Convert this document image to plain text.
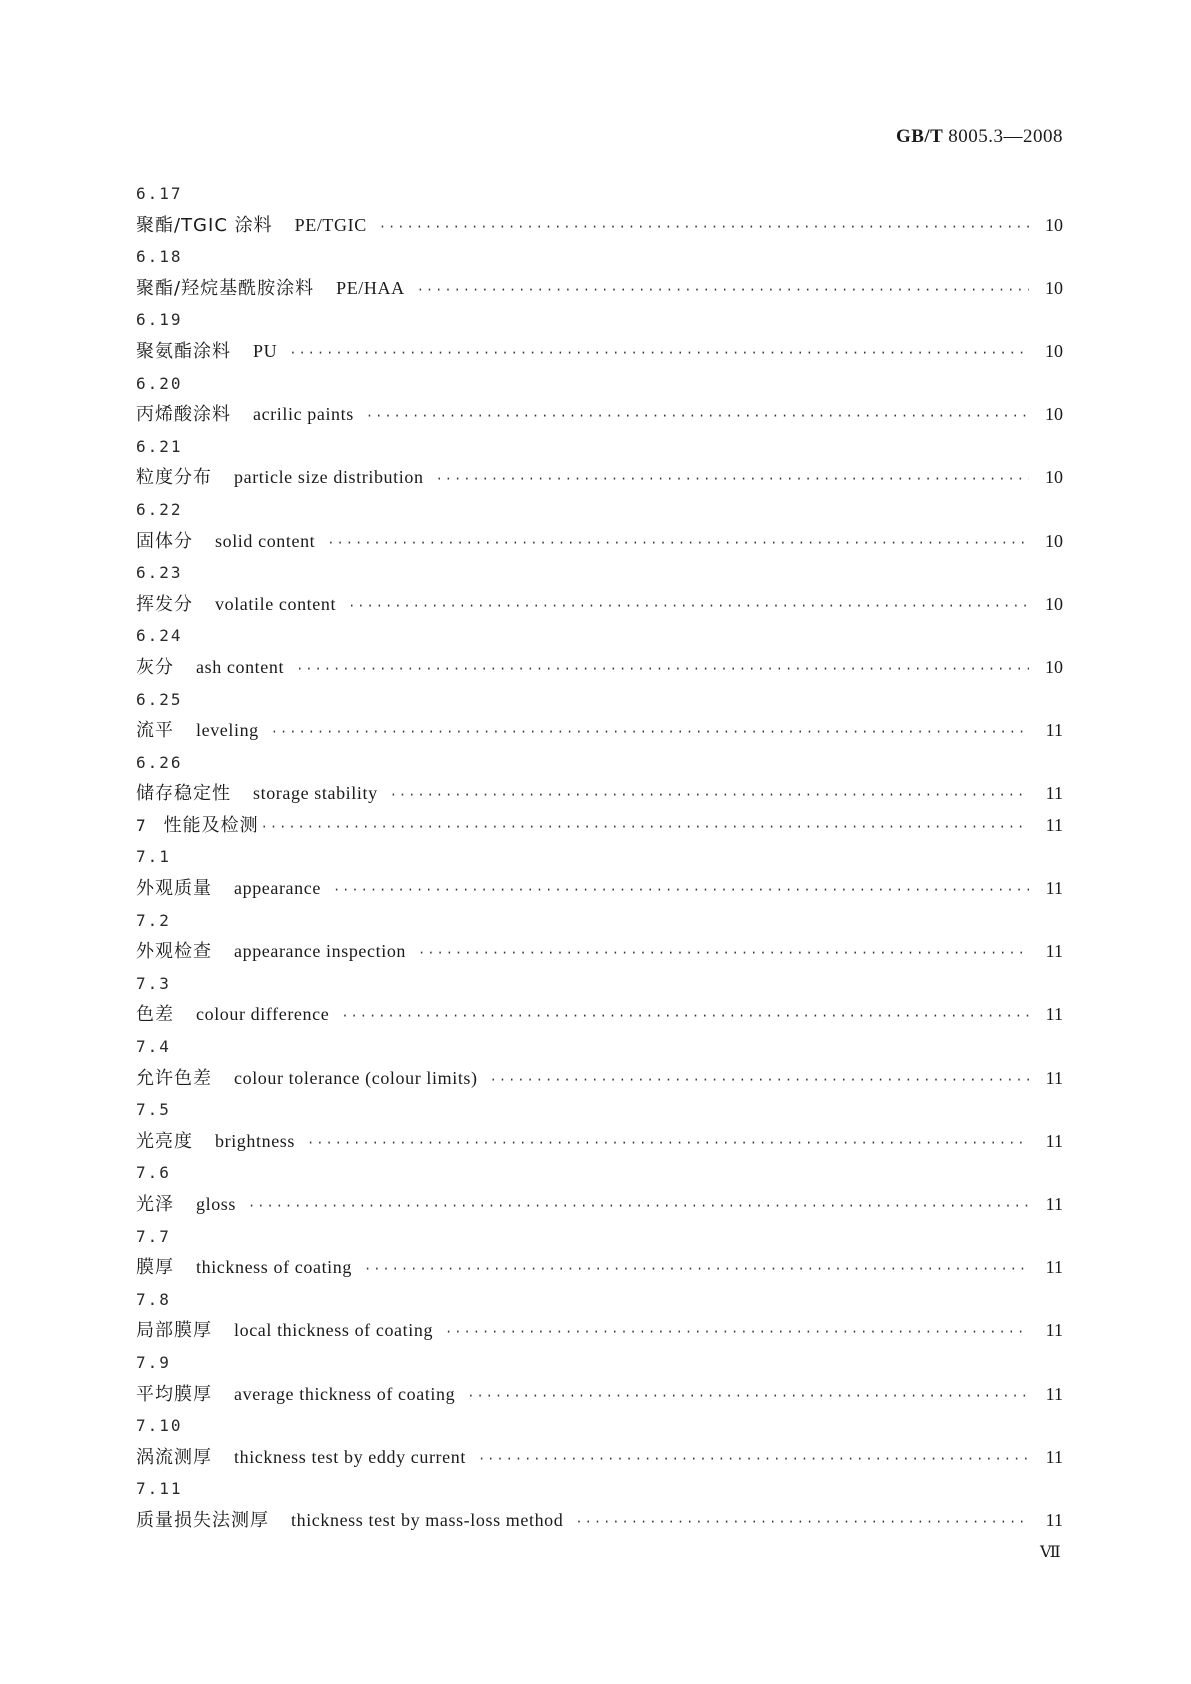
GB/T 8005.3—2008
6.17
聚酯/TGIC 涂料 PE/TGIC ·····	10
6.18
聚酯/羟烷基酰胺涂料 PE/HAA ·····	10
6.19
聚氨酯涂料 PU ·····	10
6.20
丙烯酸涂料 acrilic paints ·····	10
6.21
粒度分布 particle size distribution ·····	10
6.22
固体分 solid content ·····	10
6.23
挥发分 volatile content ·····	10
6.24
灰分 ash content ·····	10
6.25
流平 leveling ·····	11
6.26
储存稳定性 storage stability ·····	11
7 性能及检测 ·····	11
7.1
外观质量 appearance ·····	11
7.2
外观检查 appearance inspection ·····	11
7.3
色差 colour difference ·····	11
7.4
允许色差 colour tolerance (colour limits) ·····	11
7.5
光亮度 brightness ·····	11
7.6
光泽 gloss ·····	11
7.7
膜厚 thickness of coating ·····	11
7.8
局部膜厚 local thickness of coating ·····	11
7.9
平均膜厚 average thickness of coating ·····	11
7.10
涡流测厚 thickness test by eddy current ·····	11
7.11
质量损失法测厚 thickness test by mass-loss method ·····	11
Ⅶ
